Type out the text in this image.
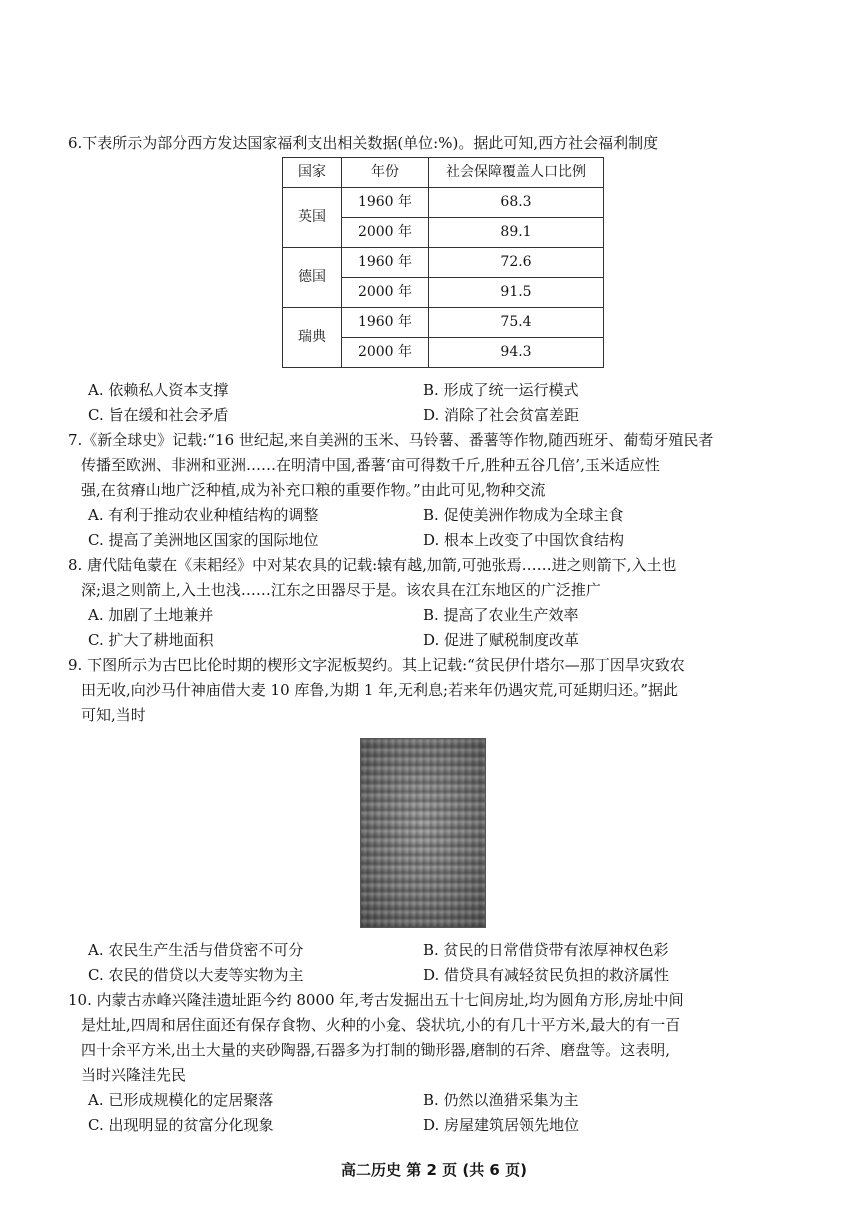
6.下表所示为部分西方发达国家福利支出相关数据(单位:%)。据此可知,西方社会福利制度
国家	年份	社会保障覆盖人口比例
英国	1960 年	68.3
	2000 年	89.1
德国	1960 年	72.6
	2000 年	91.5
瑞典	1960 年	75.4
	2000 年	94.3
A. 依赖私人资本支撑	B. 形成了统一运行模式
C. 旨在缓和社会矛盾	D. 消除了社会贫富差距
7.《新全球史》记载:“16 世纪起,来自美洲的玉米、马铃薯、番薯等作物,随西班牙、葡萄牙殖民者
传播至欧洲、非洲和亚洲……在明清中国,番薯‘亩可得数千斤,胜种五谷几倍’,玉米适应性
强,在贫瘠山地广泛种植,成为补充口粮的重要作物。”由此可见,物种交流
A. 有利于推动农业种植结构的调整	B. 促使美洲作物成为全球主食
C. 提高了美洲地区国家的国际地位	D. 根本上改变了中国饮食结构
8. 唐代陆龟蒙在《耒耜经》中对某农具的记载:辕有越,加箭,可弛张焉……进之则箭下,入土也
深;退之则箭上,入土也浅……江东之田器尽于是。该农具在江东地区的广泛推广
A. 加剧了土地兼并	B. 提高了农业生产效率
C. 扩大了耕地面积	D. 促进了赋税制度改革
9. 下图所示为古巴比伦时期的楔形文字泥板契约。其上记载:“贫民伊什塔尔—那丁因旱灾致农
田无收,向沙马什神庙借大麦 10 库鲁,为期 1 年,无利息;若来年仍遇灾荒,可延期归还。”据此
可知,当时
A. 农民生产生活与借贷密不可分	B. 贫民的日常借贷带有浓厚神权色彩
C. 农民的借贷以大麦等实物为主	D. 借贷具有减轻贫民负担的救济属性
10. 内蒙古赤峰兴隆洼遗址距今约 8000 年,考古发掘出五十七间房址,均为圆角方形,房址中间
是灶址,四周和居住面还有保存食物、火种的小龛、袋状坑,小的有几十平方米,最大的有一百
四十余平方米,出土大量的夹砂陶器,石器多为打制的锄形器,磨制的石斧、磨盘等。这表明,
当时兴隆洼先民
A. 已形成规模化的定居聚落	B. 仍然以渔猎采集为主
C. 出现明显的贫富分化现象	D. 房屋建筑居领先地位
高二历史 第 2 页 (共 6 页)
